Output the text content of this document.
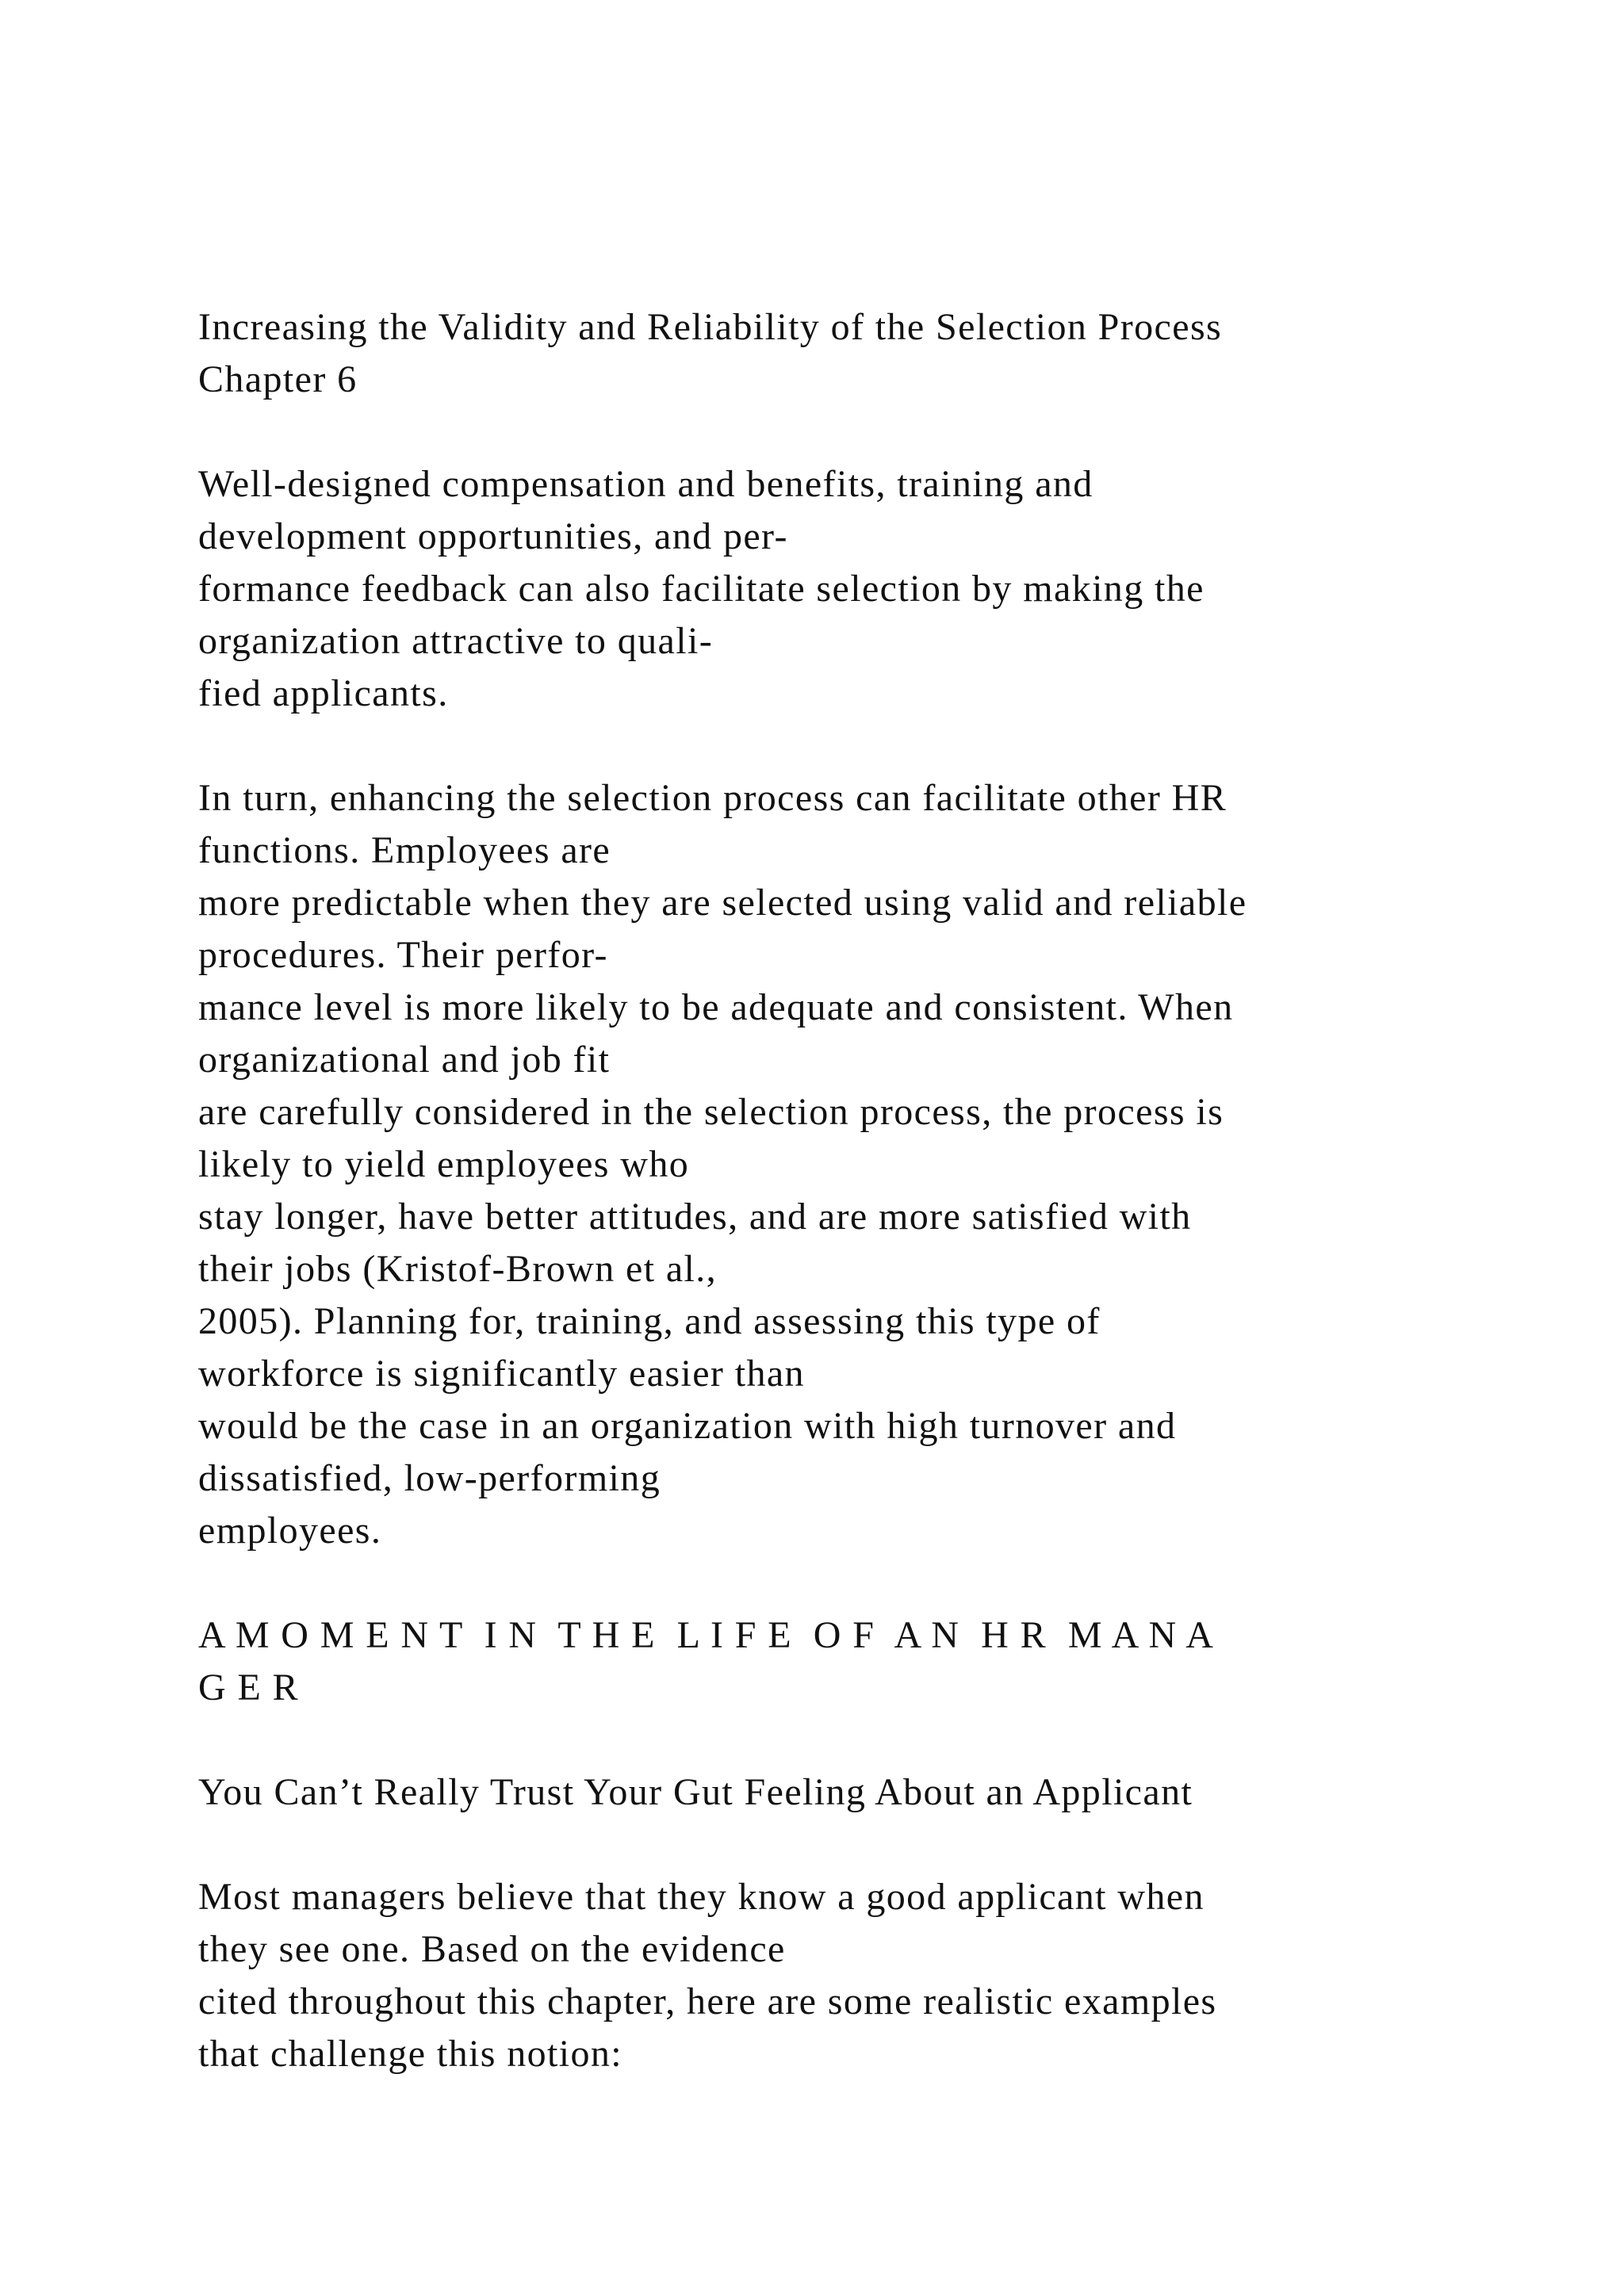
Increasing the Validity and Reliability of the Selection Process
Chapter 6
Well-designed compensation and benefits, training and
development opportunities, and per-
formance feedback can also facilitate selection by making the
organization attractive to quali-
fied applicants.
In turn, enhancing the selection process can facilitate other HR
functions. Employees are
more predictable when they are selected using valid and reliable
procedures. Their perfor-
mance level is more likely to be adequate and consistent. When
organizational and job fit
are carefully considered in the selection process, the process is
likely to yield employees who
stay longer, have better attitudes, and are more satisfied with
their jobs (Kristof-Brown et al.,
2005). Planning for, training, and assessing this type of
workforce is significantly easier than
would be the case in an organization with high turnover and
dissatisfied, low-performing
employees.
A M O M E N T  I N  T H E  L I F E  O F  A N  H R  M A N A
G E R
You Can’t Really Trust Your Gut Feeling About an Applicant
Most managers believe that they know a good applicant when
they see one. Based on the evidence
cited throughout this chapter, here are some realistic examples
that challenge this notion:
